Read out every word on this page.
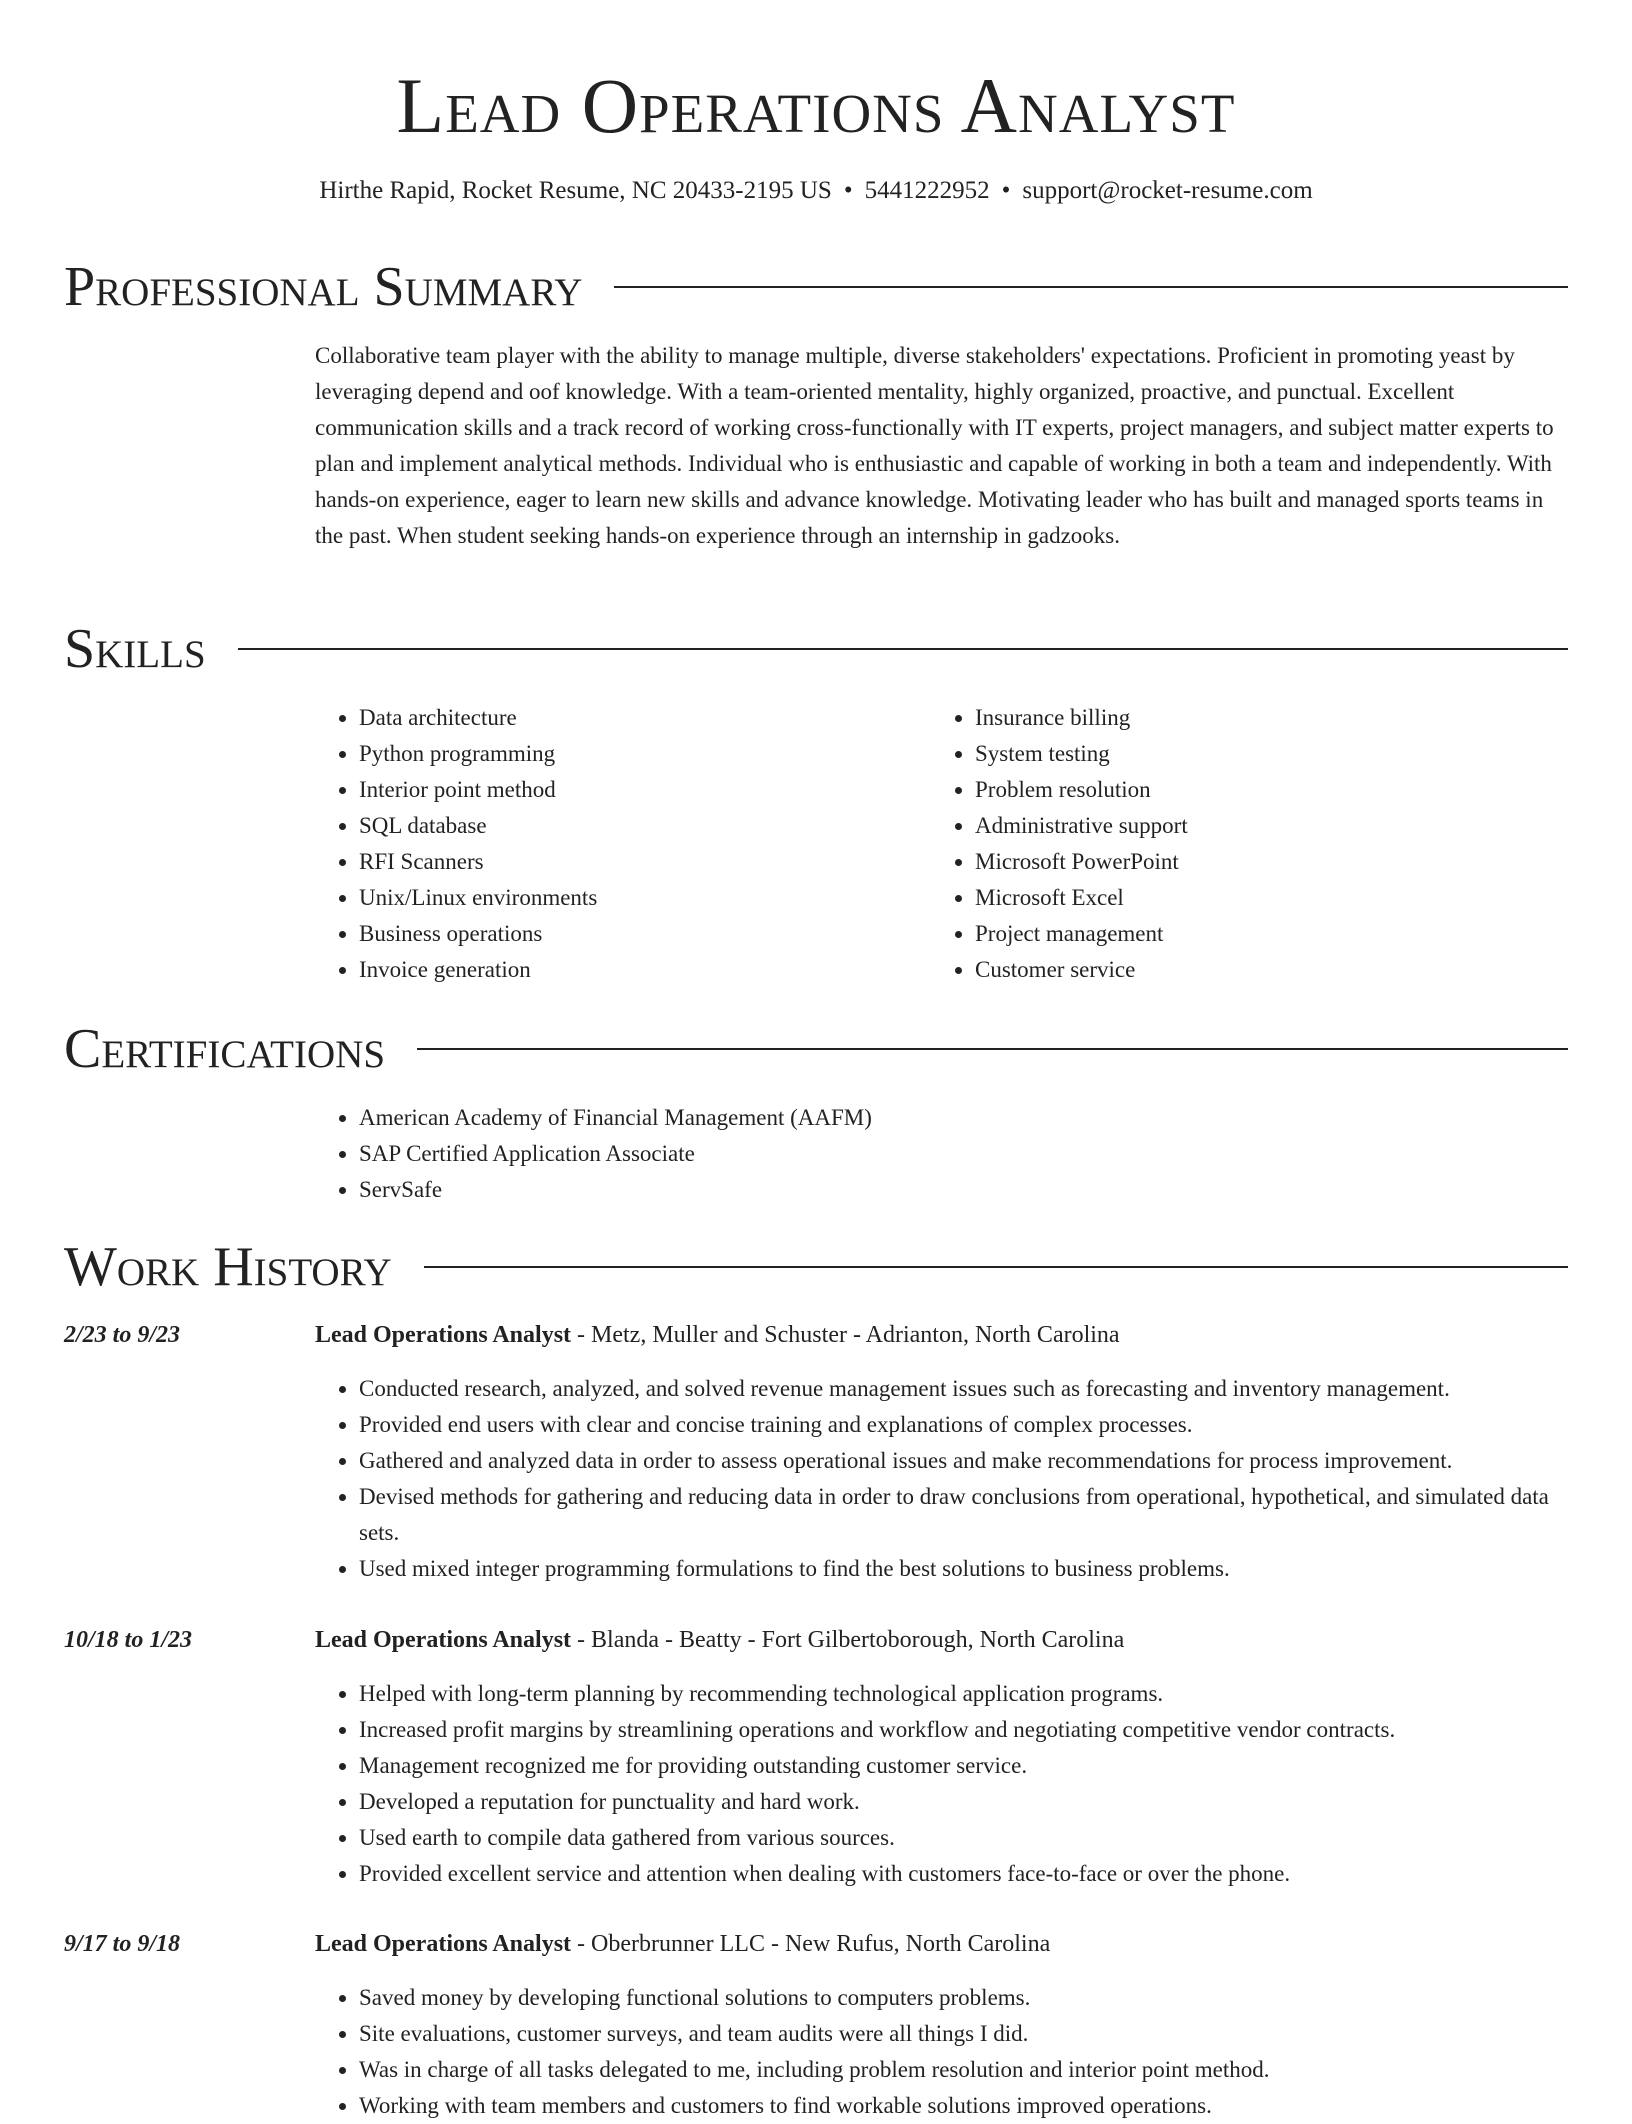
Lead Operations Analyst
Hirthe Rapid, Rocket Resume, NC 20433-2195 US • 5441222952 • support@rocket-resume.com
Professional Summary
Collaborative team player with the ability to manage multiple, diverse stakeholders' expectations. Proficient in promoting yeast by leveraging depend and oof knowledge. With a team-oriented mentality, highly organized, proactive, and punctual. Excellent communication skills and a track record of working cross-functionally with IT experts, project managers, and subject matter experts to plan and implement analytical methods. Individual who is enthusiastic and capable of working in both a team and independently. With hands-on experience, eager to learn new skills and advance knowledge. Motivating leader who has built and managed sports teams in the past. When student seeking hands-on experience through an internship in gadzooks.
Skills
• Data architecture
• Python programming
• Interior point method
• SQL database
• RFI Scanners
• Unix/Linux environments
• Business operations
• Invoice generation
• Insurance billing
• System testing
• Problem resolution
• Administrative support
• Microsoft PowerPoint
• Microsoft Excel
• Project management
• Customer service
Certifications
• American Academy of Financial Management (AAFM)
• SAP Certified Application Associate
• ServSafe
Work History
2/23 to 9/23	Lead Operations Analyst - Metz, Muller and Schuster - Adrianton, North Carolina
• Conducted research, analyzed, and solved revenue management issues such as forecasting and inventory management.
• Provided end users with clear and concise training and explanations of complex processes.
• Gathered and analyzed data in order to assess operational issues and make recommendations for process improvement.
• Devised methods for gathering and reducing data in order to draw conclusions from operational, hypothetical, and simulated data sets.
• Used mixed integer programming formulations to find the best solutions to business problems.
10/18 to 1/23	Lead Operations Analyst - Blanda - Beatty - Fort Gilbertoborough, North Carolina
• Helped with long-term planning by recommending technological application programs.
• Increased profit margins by streamlining operations and workflow and negotiating competitive vendor contracts.
• Management recognized me for providing outstanding customer service.
• Developed a reputation for punctuality and hard work.
• Used earth to compile data gathered from various sources.
• Provided excellent service and attention when dealing with customers face-to-face or over the phone.
9/17 to 9/18	Lead Operations Analyst - Oberbrunner LLC - New Rufus, North Carolina
• Saved money by developing functional solutions to computers problems.
• Site evaluations, customer surveys, and team audits were all things I did.
• Was in charge of all tasks delegated to me, including problem resolution and interior point method.
• Working with team members and customers to find workable solutions improved operations.
